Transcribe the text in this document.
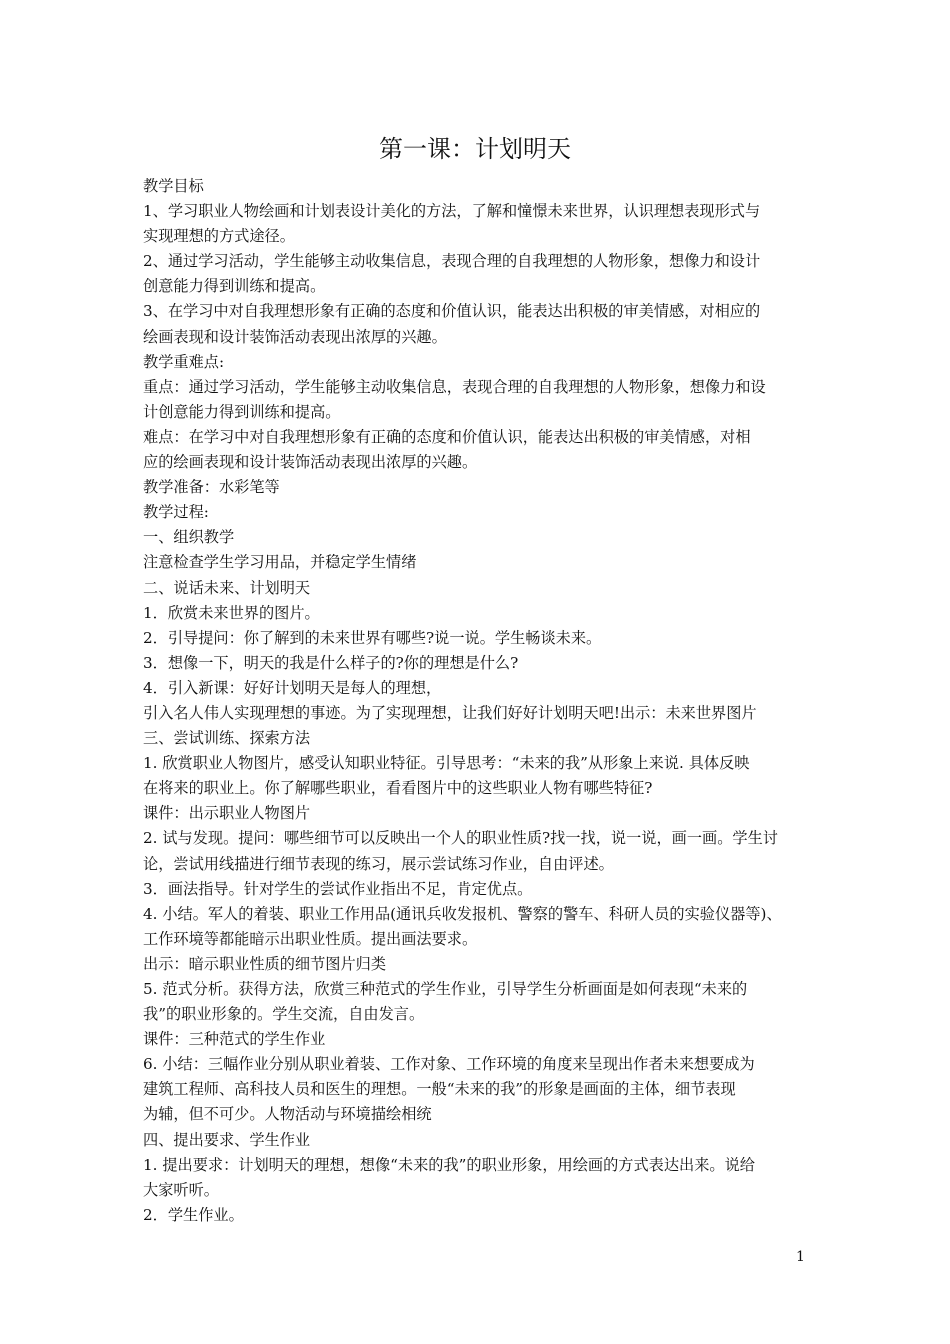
第一课：计划明天

教学目标

1、学习职业人物绘画和计划表设计美化的方法，了解和憧憬未来世界，认识理想表现形式与

实现理想的方式途径。

2、通过学习活动，学生能够主动收集信息，表现合理的自我理想的人物形象，想像力和设计

创意能力得到训练和提高。

3、在学习中对自我理想形象有正确的态度和价值认识，能表达出积极的审美情感，对相应的

绘画表现和设计装饰活动表现出浓厚的兴趣。

教学重难点:

重点：通过学习活动，学生能够主动收集信息，表现合理的自我理想的人物形象，想像力和设

计创意能力得到训练和提高。

难点：在学习中对自我理想形象有正确的态度和价值认识，能表达出积极的审美情感，对相

应的绘画表现和设计装饰活动表现出浓厚的兴趣。

教学准备：水彩笔等

教学过程:

一、组织教学

注意检查学生学习用品，并稳定学生情绪

二、说话未来、计划明天

1．欣赏未来世界的图片。

2．引导提问：你了解到的未来世界有哪些?说一说。学生畅谈未来。

3．想像一下，明天的我是什么样子的?你的理想是什么?

4．引入新课：好好计划明天是每人的理想，

引入名人伟人实现理想的事迹。为了实现理想，让我们好好计划明天吧!出示：未来世界图片

三、尝试训练、探索方法

1. 欣赏职业人物图片，感受认知职业特征。引导思考：“未来的我”从形象上来说. 具体反映

在将来的职业上。你了解哪些职业，看看图片中的这些职业人物有哪些特征?

课件：出示职业人物图片

2. 试与发现。提问：哪些细节可以反映出一个人的职业性质?找一找，说一说，画一画。学生讨

论，尝试用线描进行细节表现的练习，展示尝试练习作业，自由评述。

3．画法指导。针对学生的尝试作业指出不足，肯定优点。

4. 小结。军人的着装、职业工作用品(通讯兵收发报机、警察的警车、科研人员的实验仪器等)、

工作环境等都能暗示出职业性质。提出画法要求。

出示：暗示职业性质的细节图片归类

5. 范式分析。获得方法，欣赏三种范式的学生作业，引导学生分析画面是如何表现“未来的

我”的职业形象的。学生交流，自由发言。

课件：三种范式的学生作业

6. 小结：三幅作业分别从职业着装、工作对象、工作环境的角度来呈现出作者未来想要成为

建筑工程师、高科技人员和医生的理想。一般“未来的我”的形象是画面的主体，细节表现

为辅，但不可少。人物活动与环境描绘相统

四、提出要求、学生作业

1. 提出要求：计划明天的理想，想像“未来的我”的职业形象，用绘画的方式表达出来。说给

大家听听。

2．学生作业。

1
